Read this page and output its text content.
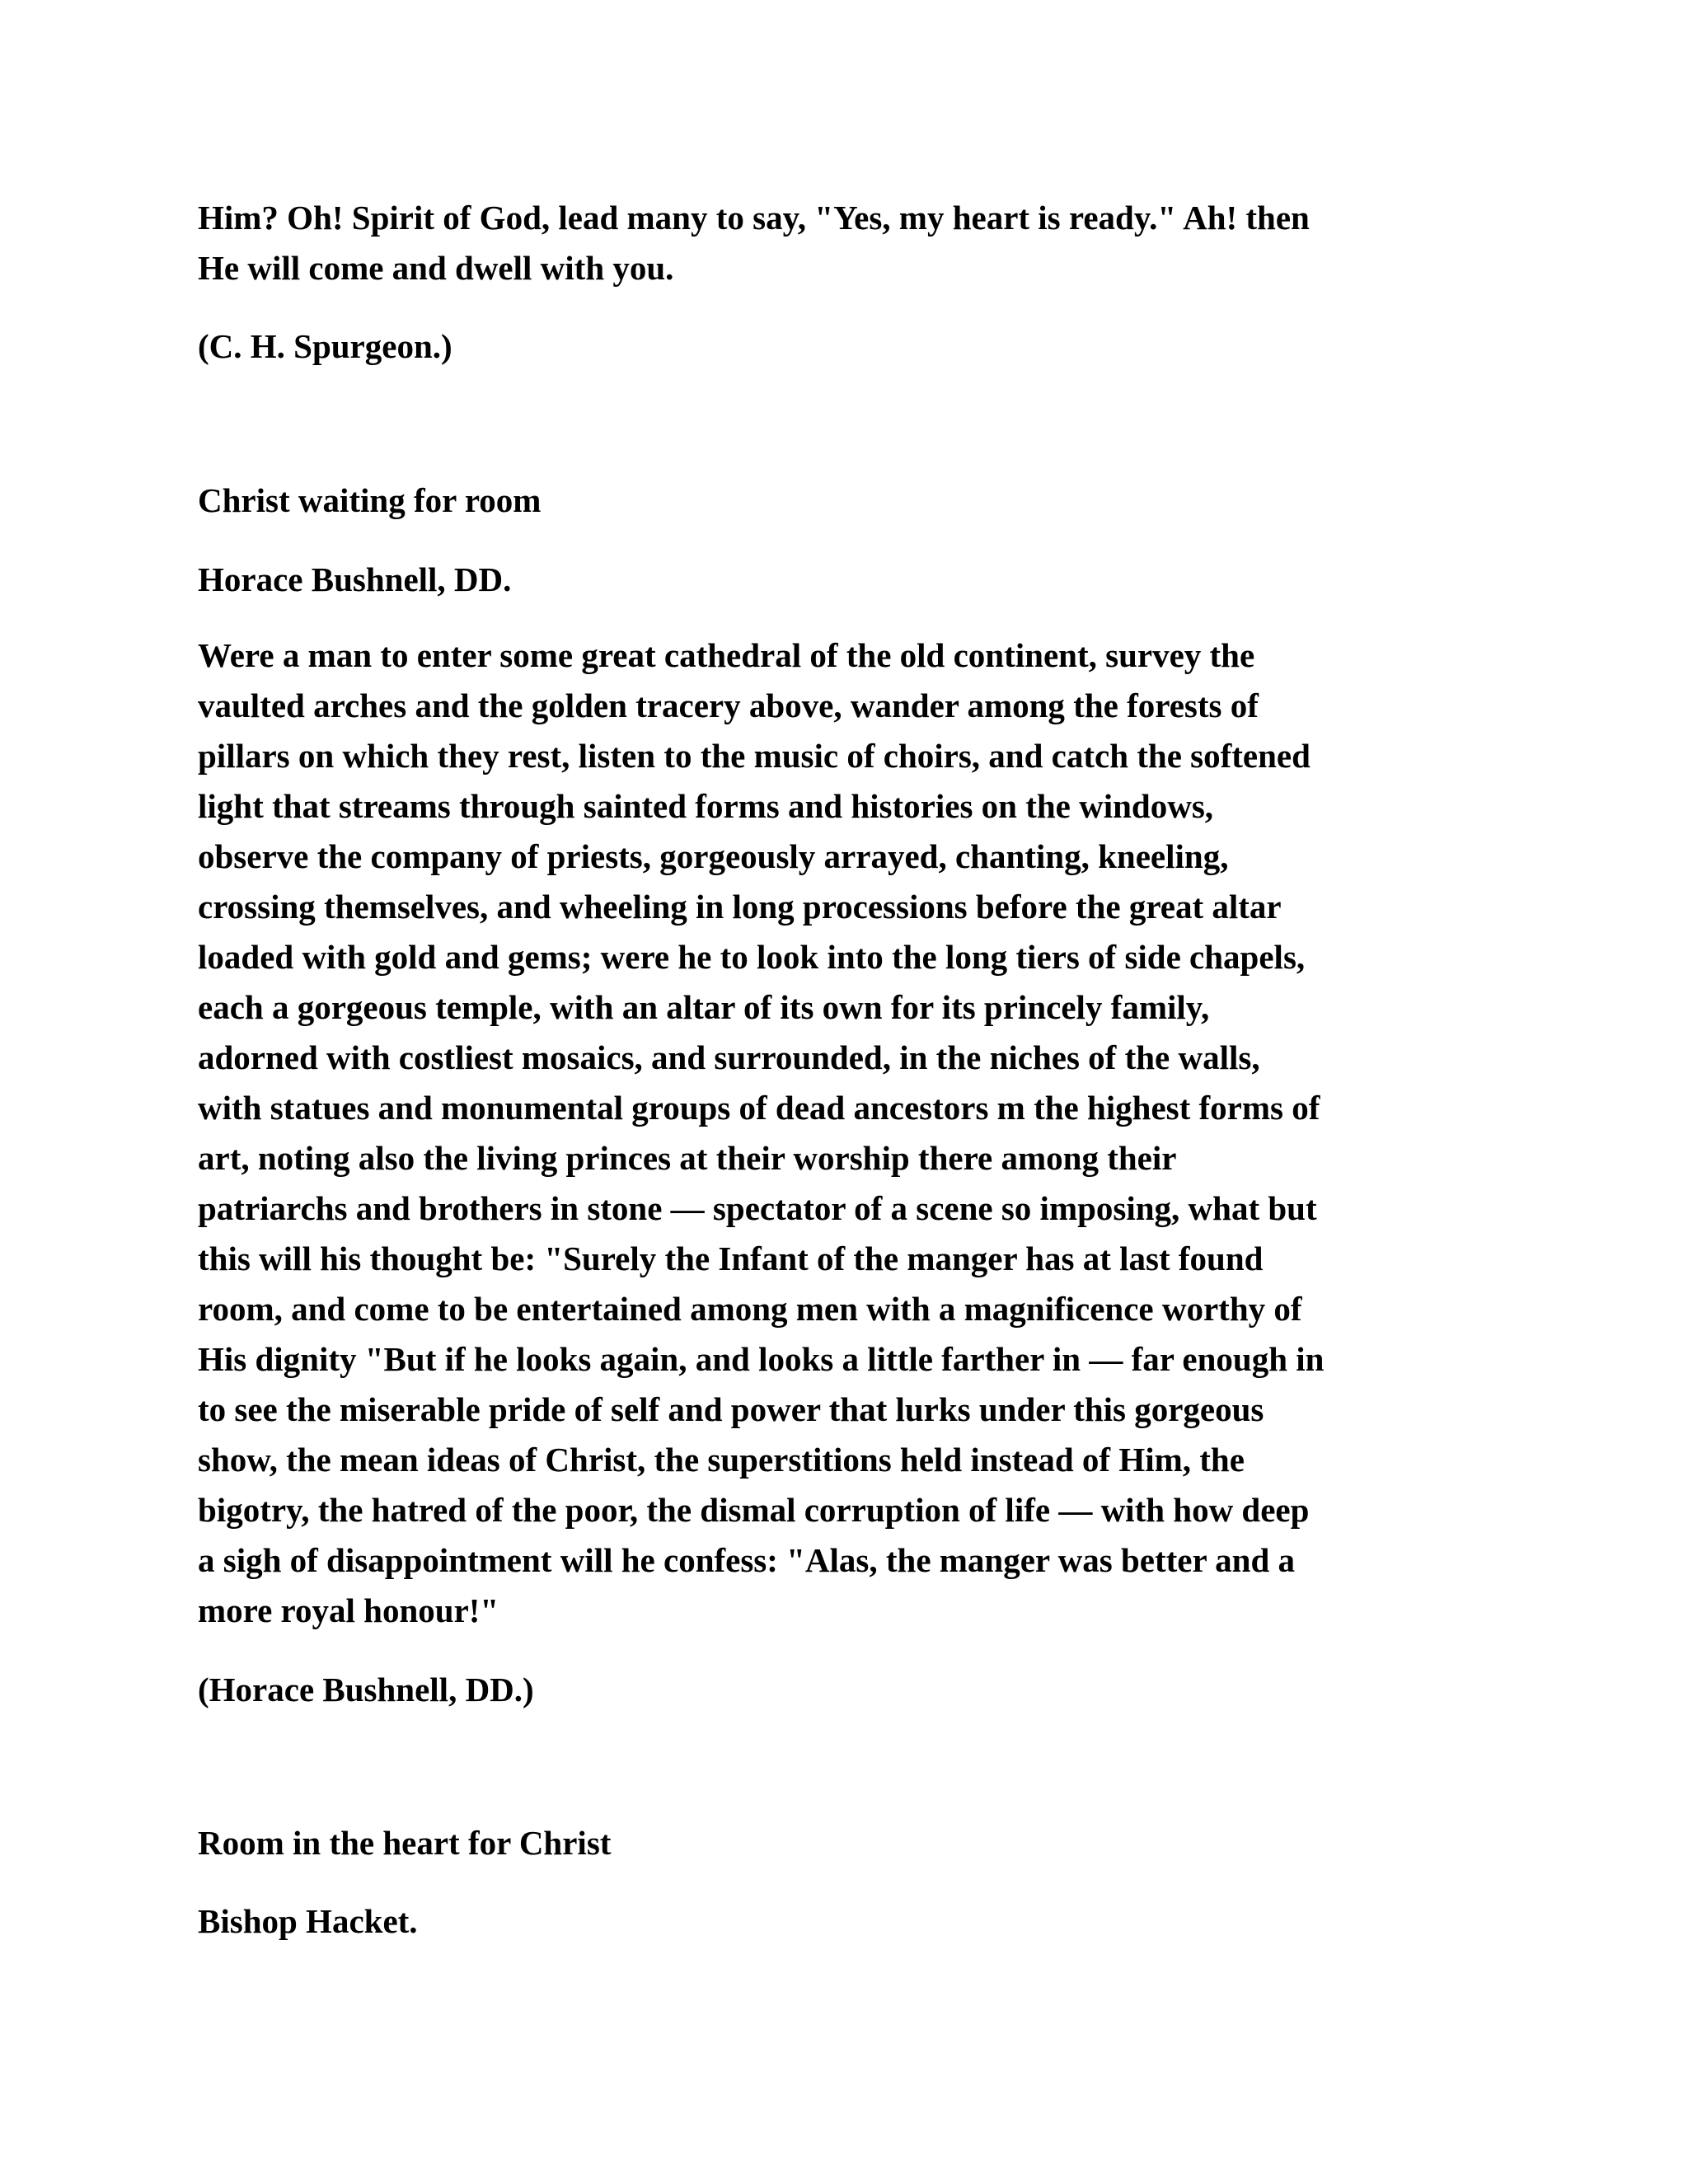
Him? Oh! Spirit of God, lead many to say, "Yes, my heart is ready." Ah! then
He will come and dwell with you.
(C. H. Spurgeon.)
Christ waiting for room
Horace Bushnell, DD.
Were a man to enter some great cathedral of the old continent, survey the
vaulted arches and the golden tracery above, wander among the forests of
pillars on which they rest, listen to the music of choirs, and catch the softened
light that streams through sainted forms and histories on the windows,
observe the company of priests, gorgeously arrayed, chanting, kneeling,
crossing themselves, and wheeling in long processions before the great altar
loaded with gold and gems; were he to look into the long tiers of side chapels,
each a gorgeous temple, with an altar of its own for its princely family,
adorned with costliest mosaics, and surrounded, in the niches of the walls,
with statues and monumental groups of dead ancestors m the highest forms of
art, noting also the living princes at their worship there among their
patriarchs and brothers in stone — spectator of a scene so imposing, what but
this will his thought be: "Surely the Infant of the manger has at last found
room, and come to be entertained among men with a magnificence worthy of
His dignity "But if he looks again, and looks a little farther in — far enough in
to see the miserable pride of self and power that lurks under this gorgeous
show, the mean ideas of Christ, the superstitions held instead of Him, the
bigotry, the hatred of the poor, the dismal corruption of life — with how deep
a sigh of disappointment will he confess: "Alas, the manger was better and a
more royal honour!"
(Horace Bushnell, DD.)
Room in the heart for Christ
Bishop Hacket.
